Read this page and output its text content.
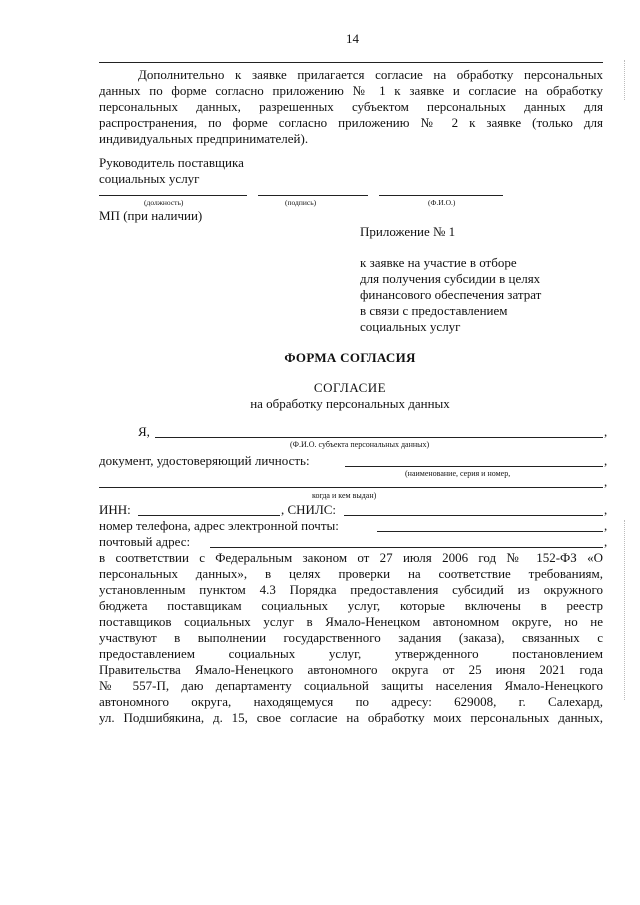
14
Дополнительно к заявке прилагается согласие на обработку персональных
данных по форме согласно приложению № 1 к заявке и согласие на обработку
персональных данных, разрешенных субъектом персональных данных для
распространения, по форме согласно приложению № 2 к заявке (только для
индивидуальных предпринимателей).
Руководитель поставщика
социальных услуг
(должность)	(подпись)	(Ф.И.О.)
МП (при наличии)
Приложение № 1
к заявке на участие в отборе
для получения субсидии в целях
финансового обеспечения затрат
в связи с предоставлением
социальных услуг
ФОРМА СОГЛАСИЯ
СОГЛАСИЕ
на обработку персональных данных
Я,	,
(Ф.И.О. субъекта персональных данных)
документ, удостоверяющий личность:	,
(наименование, серия и номер,
,
когда и кем выдан)
ИНН:	, СНИЛС:	,
номер телефона, адрес электронной почты:	,
почтовый адрес:	,
в соответствии с Федеральным законом от 27 июля 2006 год № 152-ФЗ «О
персональных данных», в целях проверки на соответствие требованиям,
установленным пунктом 4.3 Порядка предоставления субсидий из окружного
бюджета поставщикам социальных услуг, которые включены в реестр
поставщиков социальных услуг в Ямало-Ненецком автономном округе, но не
участвуют в выполнении государственного задания (заказа), связанных с
предоставлением социальных услуг, утвержденного постановлением
Правительства Ямало-Ненецкого автономного округа от 25 июня 2021 года
№ 557-П, даю департаменту социальной защиты населения Ямало-Ненецкого
автономного округа, находящемуся по адресу: 629008, г. Салехард,
ул. Подшибякина, д. 15, свое согласие на обработку моих персональных данных,
